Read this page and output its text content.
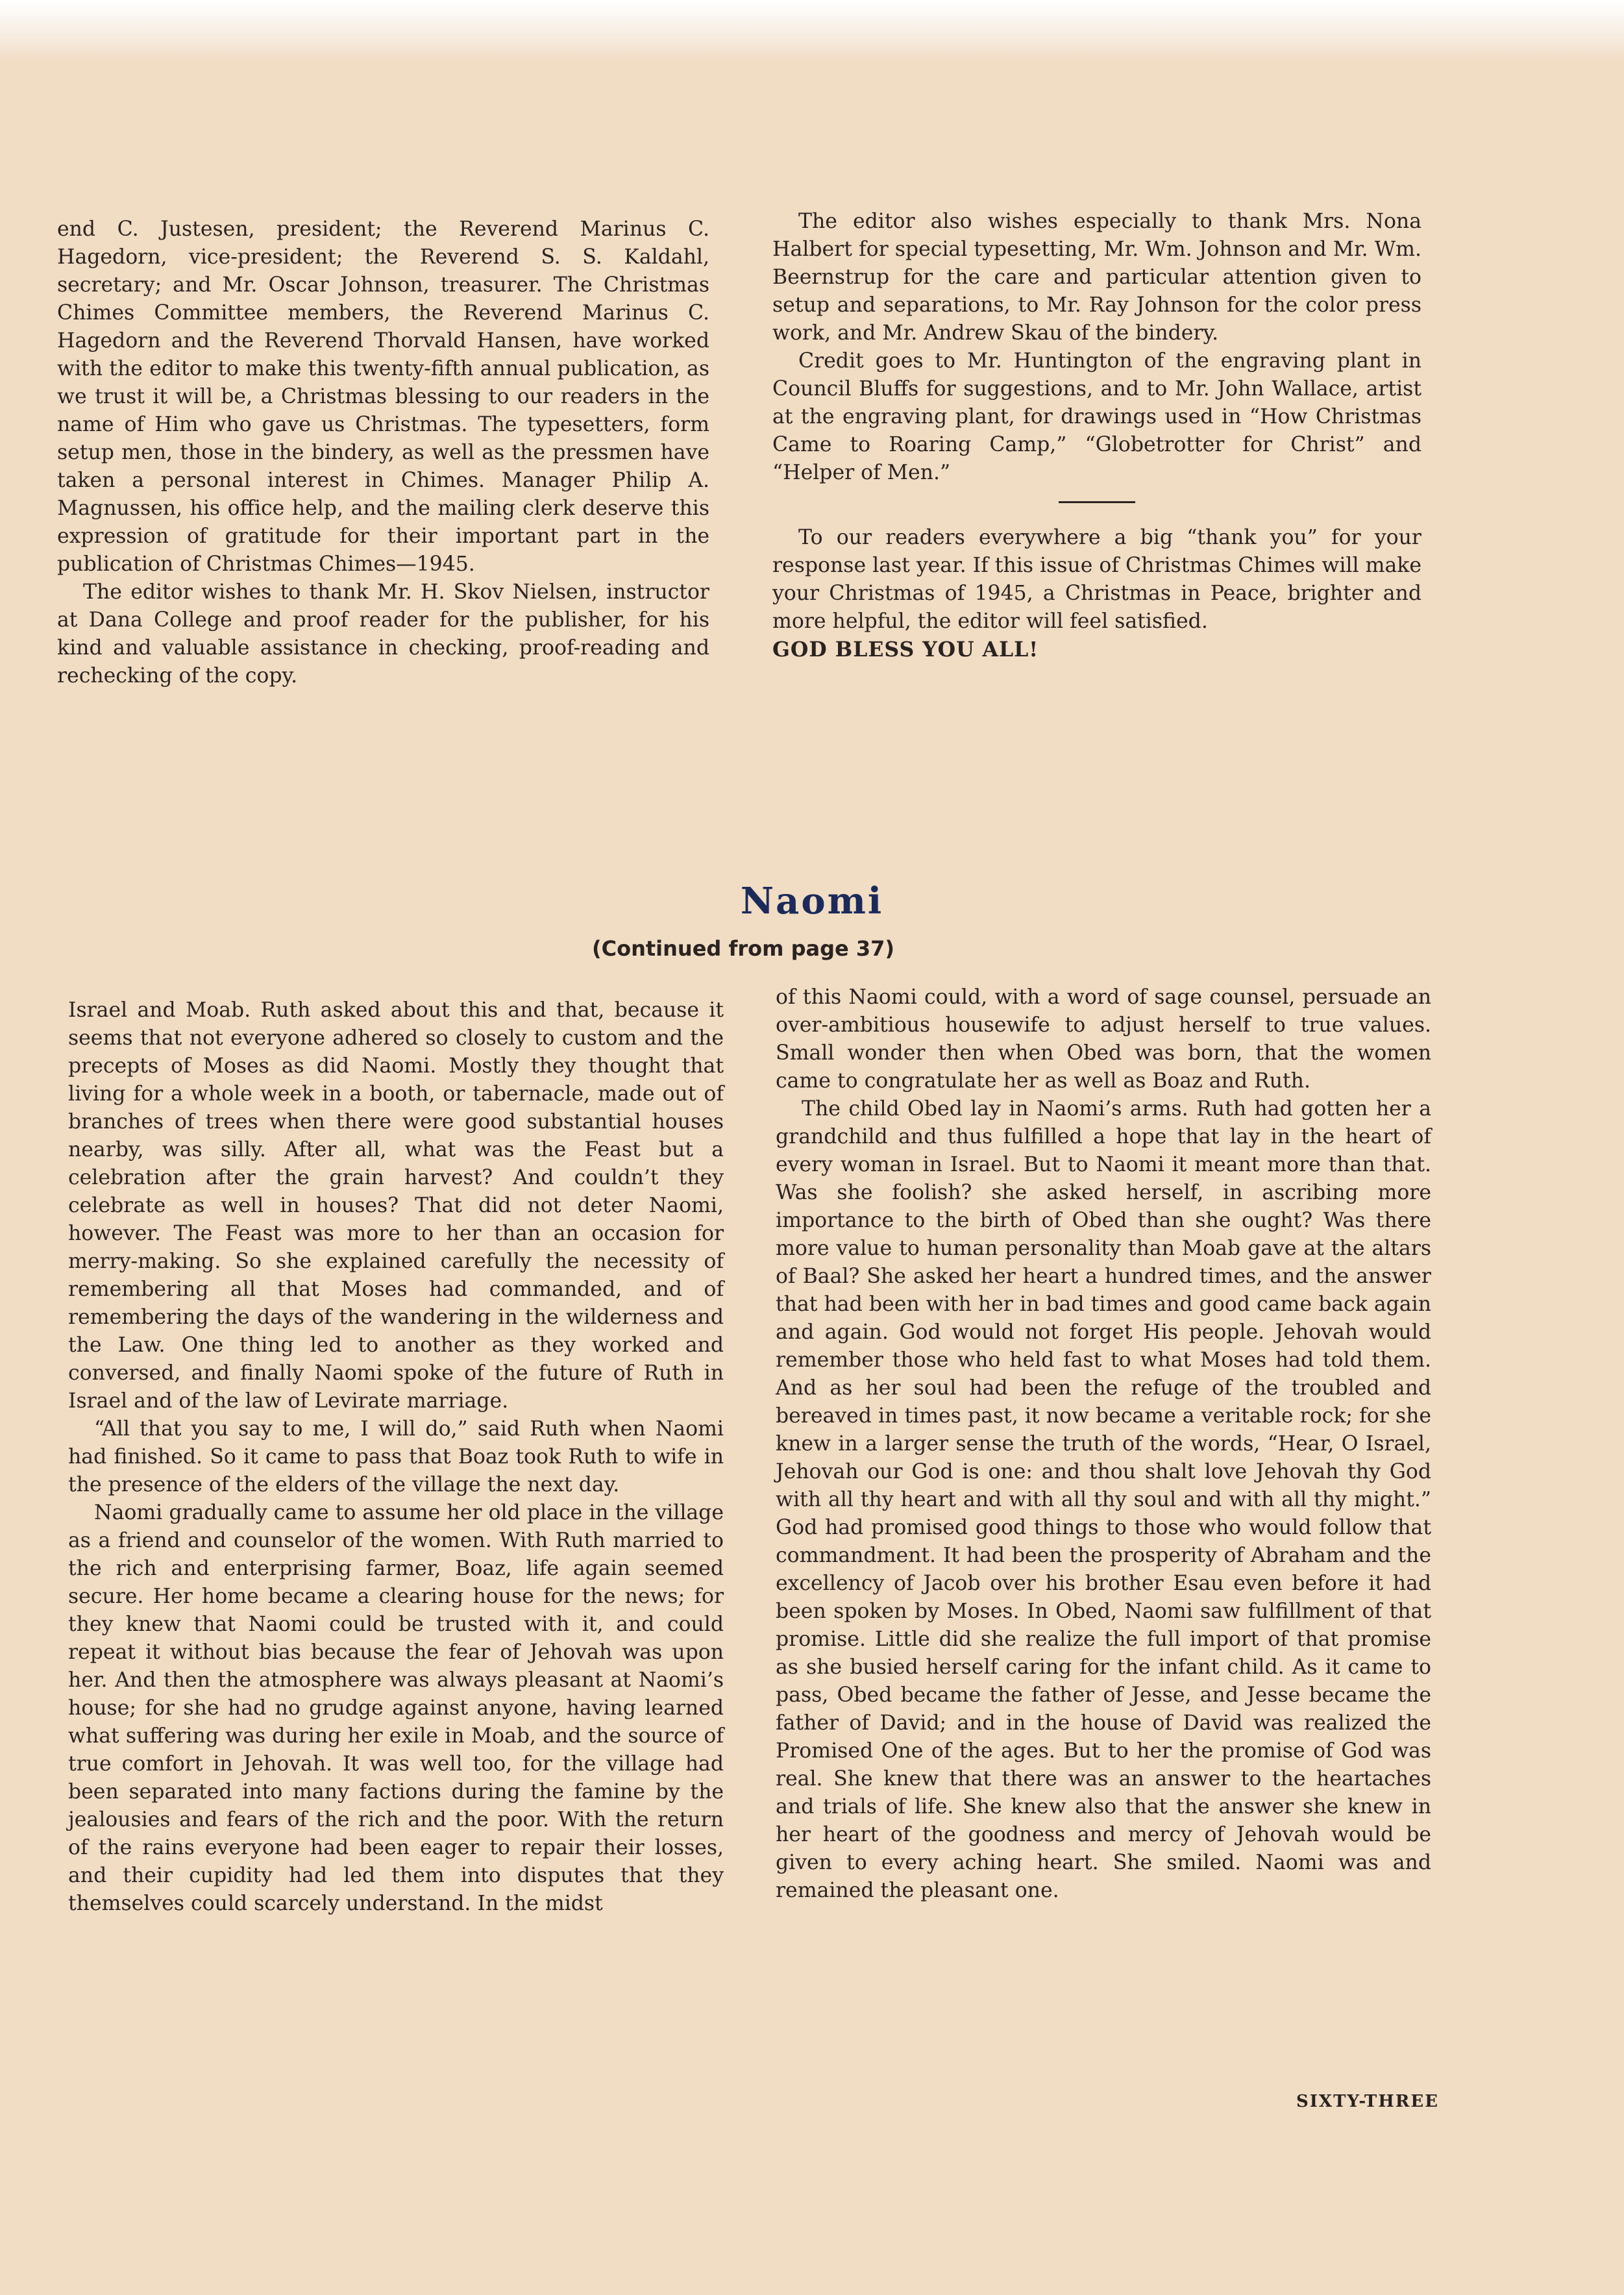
end C. Justesen, president; the Reverend Marinus C. Hagedorn, vice-president; the Reverend S. S. Kaldahl, secretary; and Mr. Oscar Johnson, treasurer. The Christmas Chimes Committee members, the Reverend Marinus C. Hagedorn and the Reverend Thorvald Hansen, have worked with the editor to make this twenty-fifth annual publication, as we trust it will be, a Christmas blessing to our readers in the name of Him who gave us Christmas. The typesetters, form setup men, those in the bindery, as well as the pressmen have taken a personal interest in Chimes. Manager Philip A. Magnussen, his office help, and the mailing clerk deserve this expression of gratitude for their important part in the publication of Christmas Chimes—1945.

The editor wishes to thank Mr. H. Skov Nielsen, instructor at Dana College and proof reader for the publisher, for his kind and valuable assistance in checking, proof-reading and rechecking of the copy.

The editor also wishes especially to thank Mrs. Nona Halbert for special typesetting, Mr. Wm. Johnson and Mr. Wm. Beernstrup for the care and particular attention given to setup and separations, to Mr. Ray Johnson for the color press work, and Mr. Andrew Skau of the bindery.

Credit goes to Mr. Huntington of the engraving plant in Council Bluffs for suggestions, and to Mr. John Wallace, artist at the engraving plant, for drawings used in “How Christmas Came to Roaring Camp,” “Globetrotter for Christ” and “Helper of Men.”

To our readers everywhere a big “thank you” for your response last year. If this issue of Christmas Chimes will make your Christmas of 1945, a Christmas in Peace, brighter and more helpful, the editor will feel satisfied.

GOD BLESS YOU ALL!

Naomi
(Continued from page 37)

Israel and Moab. Ruth asked about this and that, because it seems that not everyone adhered so closely to custom and the precepts of Moses as did Naomi. Mostly they thought that living for a whole week in a booth, or tabernacle, made out of branches of trees when there were good substantial houses nearby, was silly. After all, what was the Feast but a celebration after the grain harvest? And couldn’t they celebrate as well in houses? That did not deter Naomi, however. The Feast was more to her than an occasion for merry-making. So she explained carefully the necessity of remembering all that Moses had commanded, and of remembering the days of the wandering in the wilderness and the Law. One thing led to another as they worked and conversed, and finally Naomi spoke of the future of Ruth in Israel and of the law of Levirate marriage.

“All that you say to me, I will do,” said Ruth when Naomi had finished. So it came to pass that Boaz took Ruth to wife in the presence of the elders of the village the next day.

Naomi gradually came to assume her old place in the village as a friend and counselor of the women. With Ruth married to the rich and enterprising farmer, Boaz, life again seemed secure. Her home became a clearing house for the news; for they knew that Naomi could be trusted with it, and could repeat it without bias because the fear of Jehovah was upon her. And then the atmosphere was always pleasant at Naomi’s house; for she had no grudge against anyone, having learned what suffering was during her exile in Moab, and the source of true comfort in Jehovah. It was well too, for the village had been separated into many factions during the famine by the jealousies and fears of the rich and the poor. With the return of the rains everyone had been eager to repair their losses, and their cupidity had led them into disputes that they themselves could scarcely understand. In the midst

of this Naomi could, with a word of sage counsel, persuade an over-ambitious housewife to adjust herself to true values. Small wonder then when Obed was born, that the women came to congratulate her as well as Boaz and Ruth.

The child Obed lay in Naomi’s arms. Ruth had gotten her a grandchild and thus fulfilled a hope that lay in the heart of every woman in Israel. But to Naomi it meant more than that. Was she foolish? she asked herself, in ascribing more importance to the birth of Obed than she ought? Was there more value to human personality than Moab gave at the altars of Baal? She asked her heart a hundred times, and the answer that had been with her in bad times and good came back again and again. God would not forget His people. Jehovah would remember those who held fast to what Moses had told them. And as her soul had been the refuge of the troubled and bereaved in times past, it now became a veritable rock; for she knew in a larger sense the truth of the words, “Hear, O Israel, Jehovah our God is one: and thou shalt love Jehovah thy God with all thy heart and with all thy soul and with all thy might.” God had promised good things to those who would follow that commandment. It had been the prosperity of Abraham and the excellency of Jacob over his brother Esau even before it had been spoken by Moses. In Obed, Naomi saw fulfillment of that promise. Little did she realize the full import of that promise as she busied herself caring for the infant child. As it came to pass, Obed became the father of Jesse, and Jesse became the father of David; and in the house of David was realized the Promised One of the ages. But to her the promise of God was real. She knew that there was an answer to the heartaches and trials of life. She knew also that the answer she knew in her heart of the goodness and mercy of Jehovah would be given to every aching heart. She smiled. Naomi was and remained the pleasant one.

SIXTY-THREE
